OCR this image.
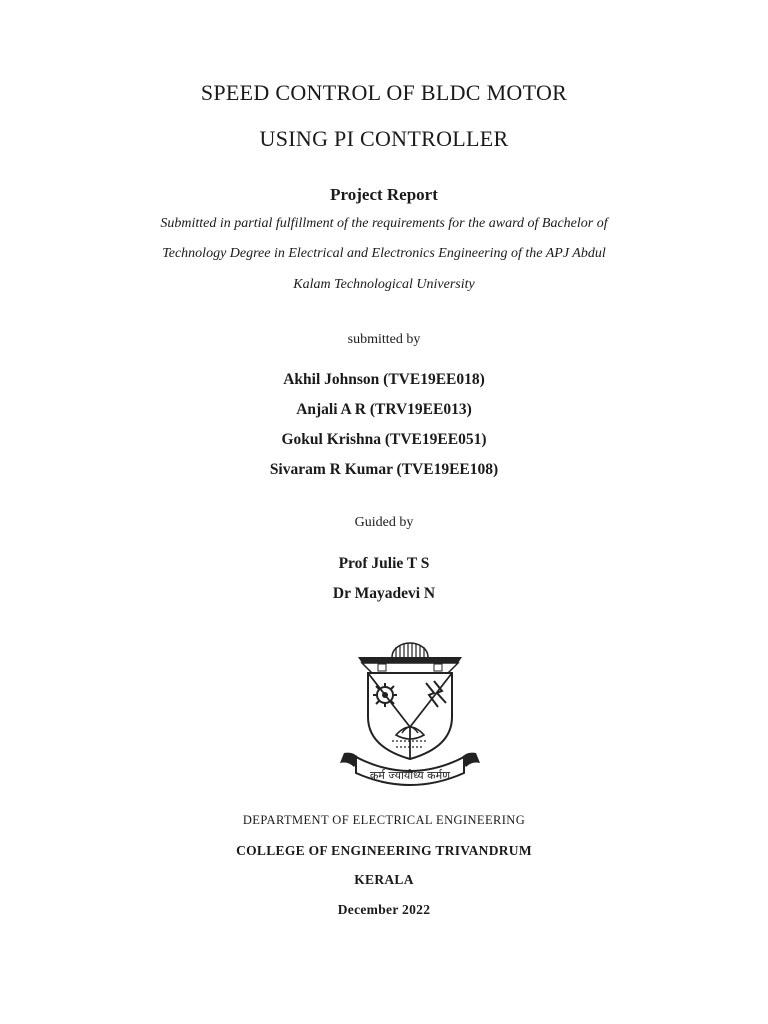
SPEED CONTROL OF BLDC MOTOR
USING PI CONTROLLER
Project Report
Submitted in partial fulfillment of the requirements for the award of Bachelor of
Technology Degree in Electrical and Electronics Engineering of the APJ Abdul
Kalam Technological University
submitted by
Akhil Johnson (TVE19EE018)
Anjali A R (TRV19EE013)
Gokul Krishna (TVE19EE051)
Sivaram R Kumar (TVE19EE108)
Guided by
Prof Julie T S
Dr Mayadevi N
कर्म ज्यायोध्य कर्मण
DEPARTMENT OF ELECTRICAL ENGINEERING
COLLEGE OF ENGINEERING TRIVANDRUM
KERALA
December 2022
